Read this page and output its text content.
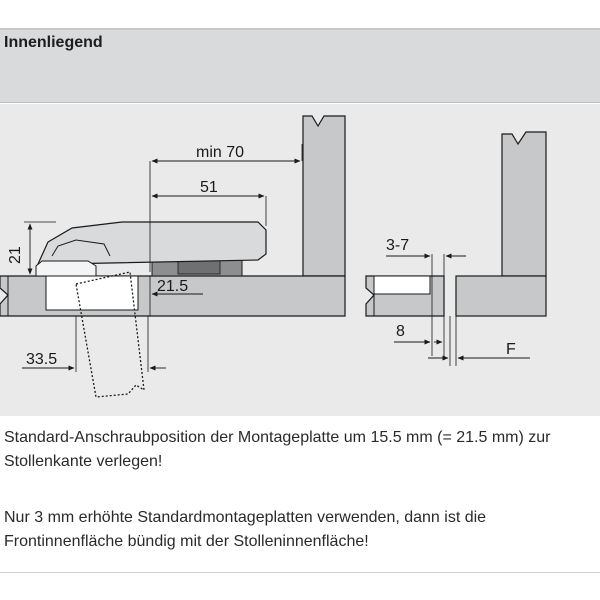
Innenliegend
min 70
51
21
21.5
33.5
3-7
8
F
Standard-Anschraubposition der Montageplatte um 15.5 mm (= 21.5 mm) zur Stollenkante verlegen!
Nur 3 mm erhöhte Standardmontageplatten verwenden, dann ist die Frontinnenfläche bündig mit der Stolleninnenfläche!
